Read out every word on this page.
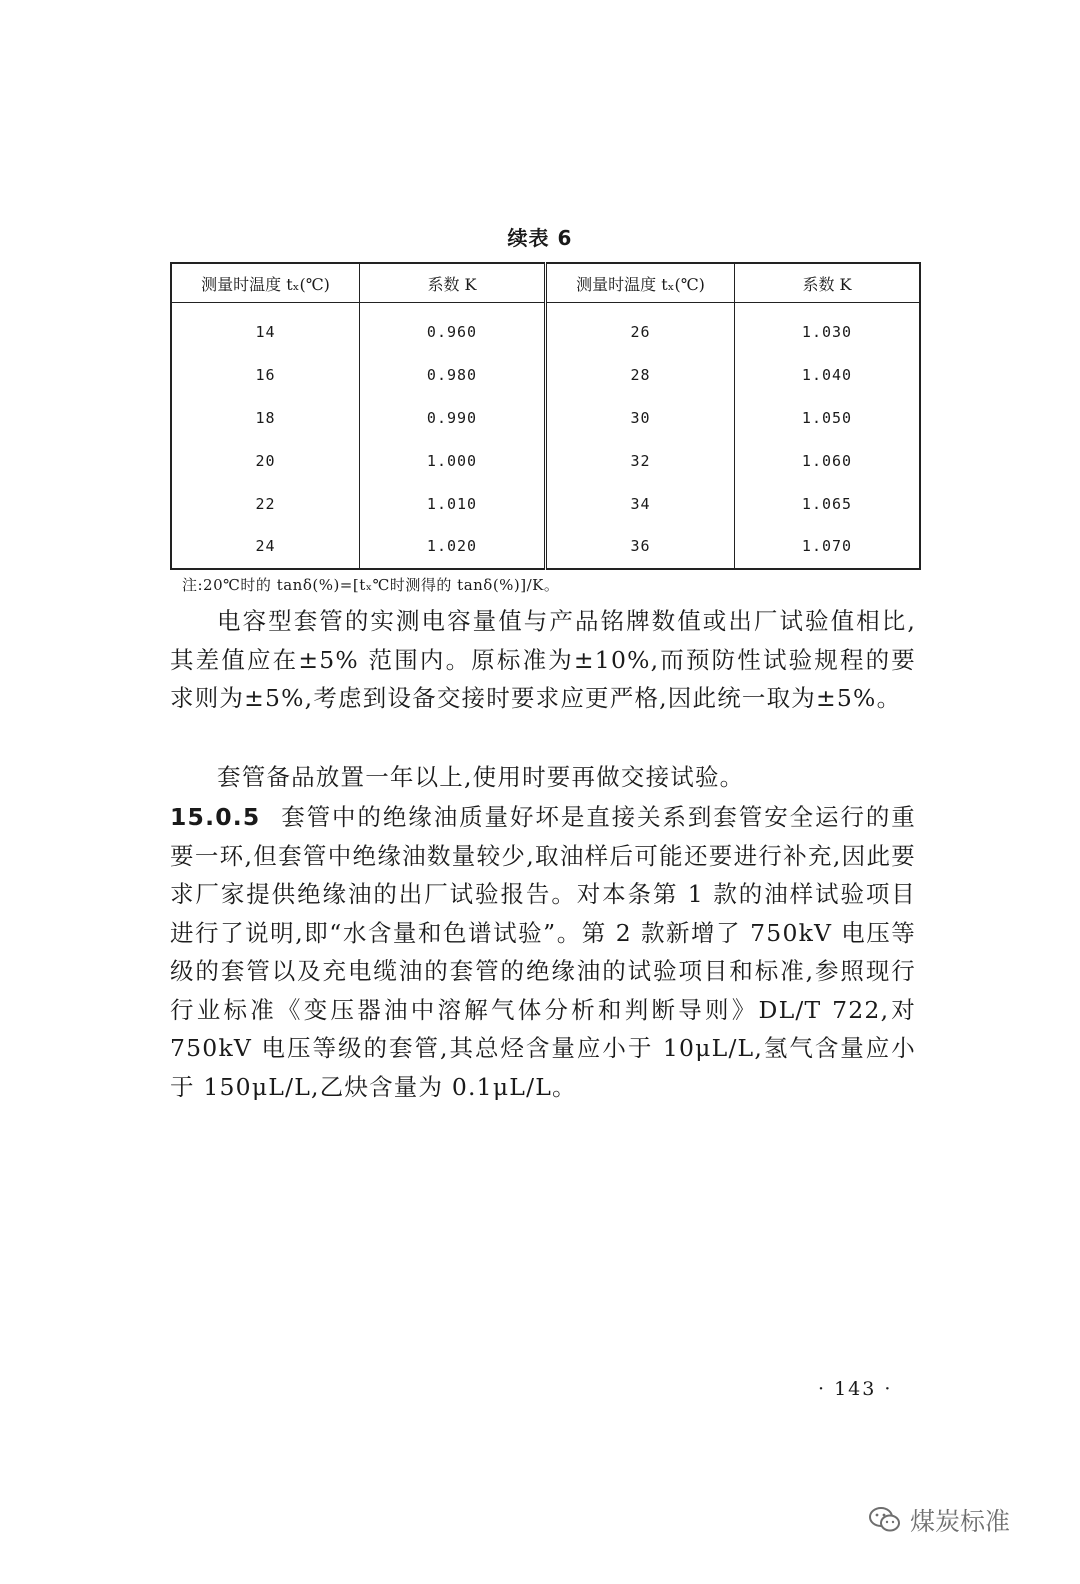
续表 6
测量时温度 tₓ(℃)	系数 K	测量时温度 tₓ(℃)	系数 K
14	0.960	26	1.030
16	0.980	28	1.040
18	0.990	30	1.050
20	1.000	32	1.060
22	1.010	34	1.065
24	1.020	36	1.070
注:20℃时的 tanδ(%)=[tₓ℃时测得的 tanδ(%)]/K。

电容型套管的实测电容量值与产品铭牌数值或出厂试验值相比,其差值应在±5% 范围内。原标准为±10%,而预防性试验规程的要求则为±5%,考虑到设备交接时要求应更严格,因此统一取为±5%。

套管备品放置一年以上,使用时要再做交接试验。

15.0.5 套管中的绝缘油质量好坏是直接关系到套管安全运行的重要一环,但套管中绝缘油数量较少,取油样后可能还要进行补充,因此要求厂家提供绝缘油的出厂试验报告。对本条第 1 款的油样试验项目进行了说明,即“水含量和色谱试验”。第 2 款新增了 750kV 电压等级的套管以及充电缆油的套管的绝缘油的试验项目和标准,参照现行行业标准《变压器油中溶解气体分析和判断导则》DL/T 722,对 750kV 电压等级的套管,其总烃含量应小于 10μL/L,氢气含量应小于 150μL/L,乙炔含量为 0.1μL/L。

· 143 ·
煤炭标准
